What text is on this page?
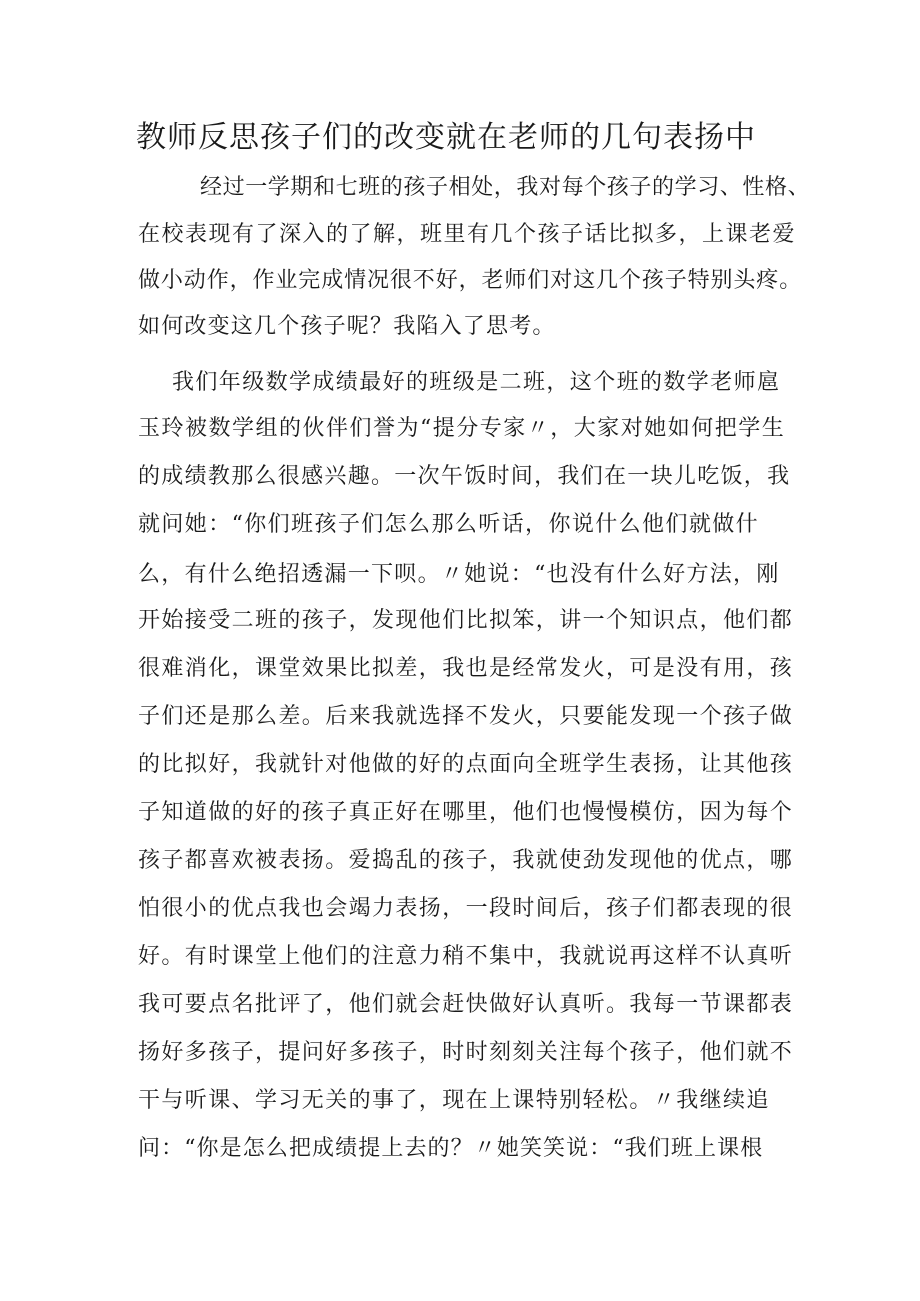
教师反思孩子们的改变就在老师的几句表扬中
经过一学期和七班的孩子相处，我对每个孩子的学习、性格、
在校表现有了深入的了解，班里有几个孩子话比拟多，上课老爱
做小动作，作业完成情况很不好，老师们对这几个孩子特别头疼。
如何改变这几个孩子呢？我陷入了思考。
我们年级数学成绩最好的班级是二班，这个班的数学老师扈
玉玲被数学组的伙伴们誉为“提分专家〃，大家对她如何把学生
的成绩教那么很感兴趣。一次午饭时间，我们在一块儿吃饭，我
就问她：“你们班孩子们怎么那么听话，你说什么他们就做什
么，有什么绝招透漏一下呗。〃她说：“也没有什么好方法，刚
开始接受二班的孩子，发现他们比拟笨，讲一个知识点，他们都
很难消化，课堂效果比拟差，我也是经常发火，可是没有用，孩
子们还是那么差。后来我就选择不发火，只要能发现一个孩子做
的比拟好，我就针对他做的好的点面向全班学生表扬，让其他孩
子知道做的好的孩子真正好在哪里，他们也慢慢模仿，因为每个
孩子都喜欢被表扬。爱捣乱的孩子，我就使劲发现他的优点，哪
怕很小的优点我也会竭力表扬，一段时间后，孩子们都表现的很
好。有时课堂上他们的注意力稍不集中，我就说再这样不认真听
我可要点名批评了，他们就会赶快做好认真听。我每一节课都表
扬好多孩子，提问好多孩子，时时刻刻关注每个孩子，他们就不
干与听课、学习无关的事了，现在上课特别轻松。〃我继续追
问：“你是怎么把成绩提上去的？〃她笑笑说：“我们班上课根
